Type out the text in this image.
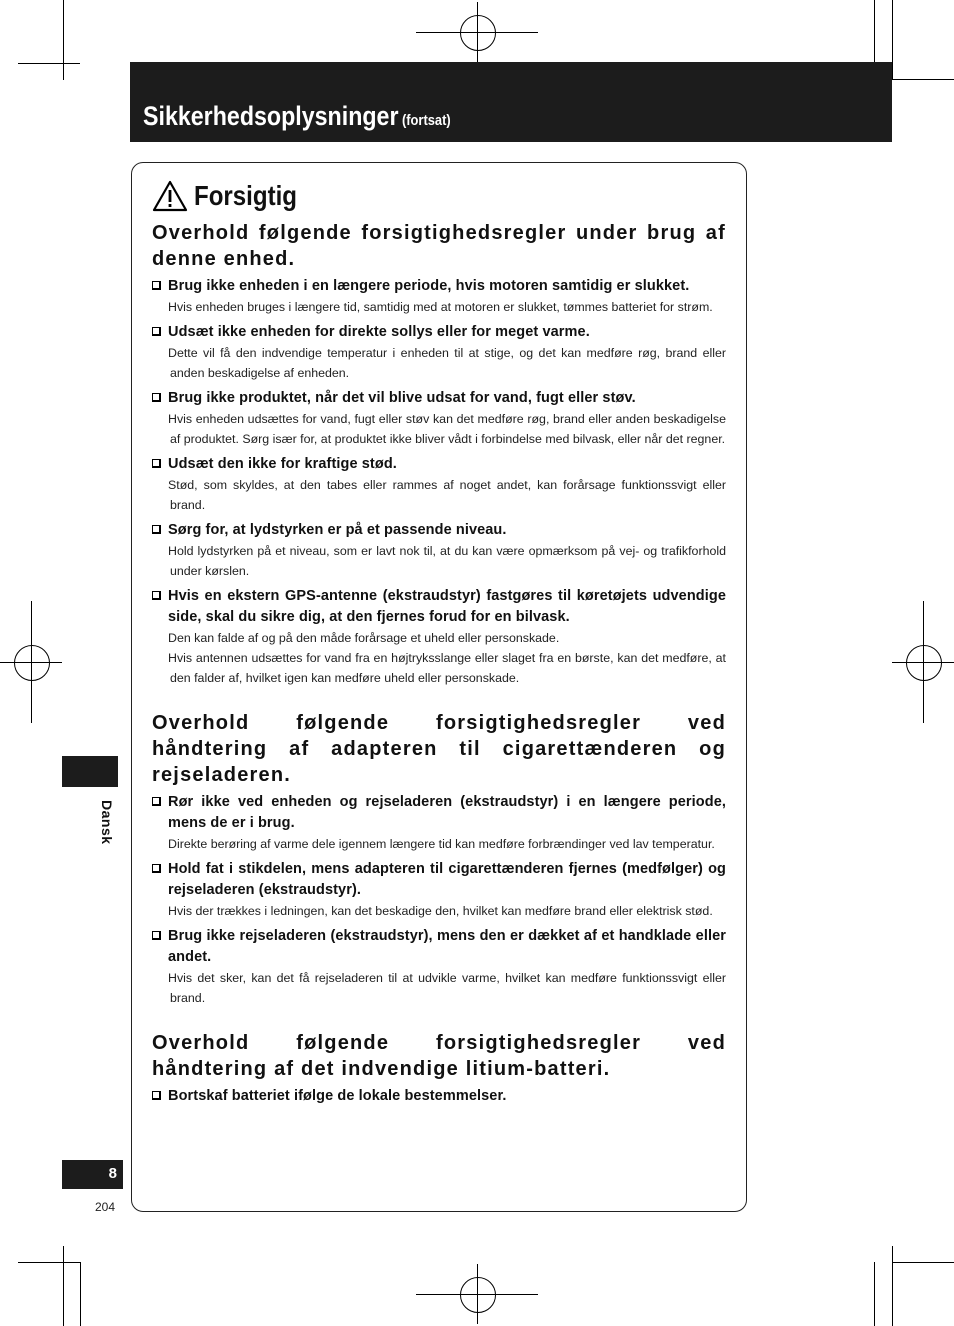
Sikkerhedsoplysninger (fortsat)
Forsigtig
Overhold følgende forsigtighedsregler under brug af denne enhed.
Brug ikke enheden i en længere periode, hvis motoren samtidig er slukket.
Hvis enheden bruges i længere tid, samtidig med at motoren er slukket, tømmes batteriet for strøm.
Udsæt ikke enheden for direkte sollys eller for meget varme.
Dette vil få den indvendige temperatur i enheden til at stige, og det kan medføre røg, brand eller anden beskadigelse af enheden.
Brug ikke produktet, når det vil blive udsat for vand, fugt eller støv.
Hvis enheden udsættes for vand, fugt eller støv kan det medføre røg, brand eller anden beskadigelse af produktet. Sørg især for, at produktet ikke bliver vådt i forbindelse med bilvask, eller når det regner.
Udsæt den ikke for kraftige stød.
Stød, som skyldes, at den tabes eller rammes af noget andet, kan forårsage funktionssvigt eller brand.
Sørg for, at lydstyrken er på et passende niveau.
Hold lydstyrken på et niveau, som er lavt nok til, at du kan være opmærksom på vej- og trafikforhold under kørslen.
Hvis en ekstern GPS-antenne (ekstraudstyr) fastgøres til køretøjets udvendige side, skal du sikre dig, at den fjernes forud for en bilvask.
Den kan falde af og på den måde forårsage et uheld eller personskade.
Hvis antennen udsættes for vand fra en højtryksslange eller slaget fra en børste, kan det medføre, at den falder af, hvilket igen kan medføre uheld eller personskade.
Overhold følgende forsigtighedsregler ved håndtering af adapteren til cigarettænderen og rejseladeren.
Rør ikke ved enheden og rejseladeren (ekstraudstyr) i en længere periode, mens de er i brug.
Direkte berøring af varme dele igennem længere tid kan medføre forbrændinger ved lav temperatur.
Hold fat i stikdelen, mens adapteren til cigarettænderen fjernes (medfølger) og rejseladeren (ekstraudstyr).
Hvis der trækkes i ledningen, kan det beskadige den, hvilket kan medføre brand eller elektrisk stød.
Brug ikke rejseladeren (ekstraudstyr), mens den er dækket af et handklade eller andet.
Hvis det sker, kan det få rejseladeren til at udvikle varme, hvilket kan medføre funktionssvigt eller brand.
Overhold følgende forsigtighedsregler ved håndtering af det indvendige litium-batteri.
Bortskaf batteriet ifølge de lokale bestemmelser.
Dansk
8
204
